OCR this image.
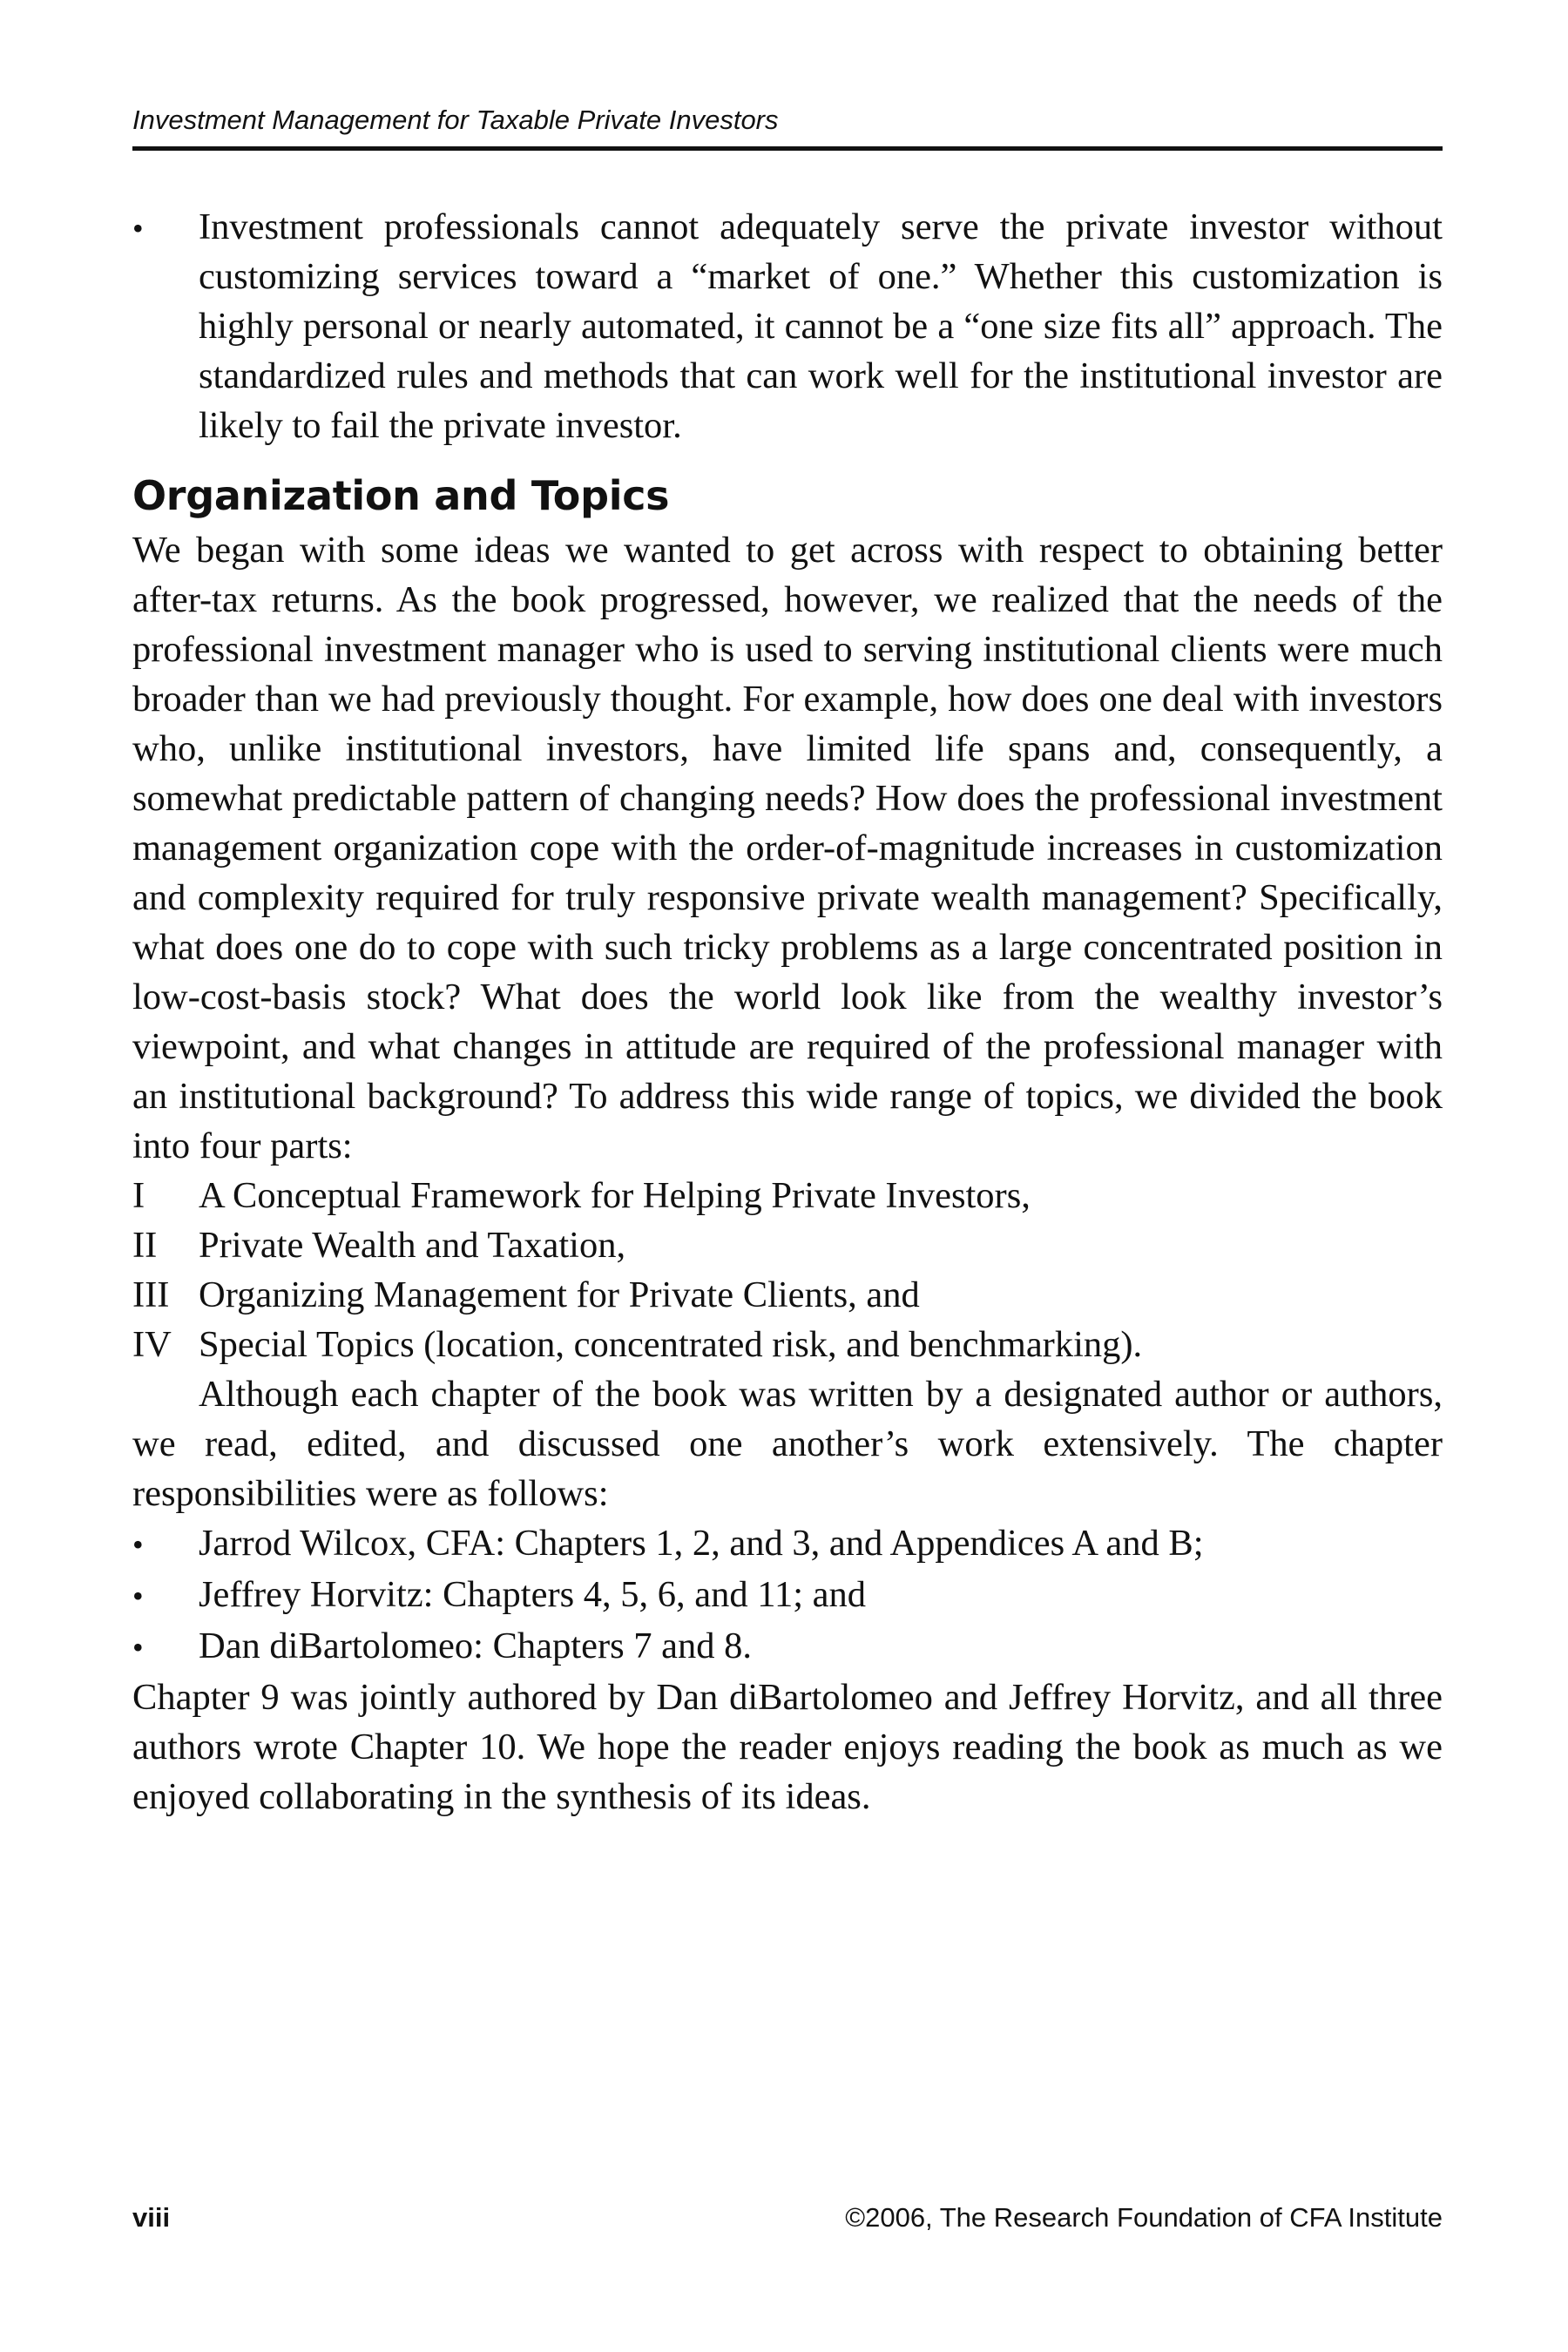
Investment Management for Taxable Private Investors
•
Investment professionals cannot adequately serve the private investor without customizing services toward a “market of one.” Whether this customization is highly personal or nearly automated, it cannot be a “one size fits all” approach. The standardized rules and methods that can work well for the institutional investor are likely to fail the private investor.
Organization and Topics

We began with some ideas we wanted to get across with respect to obtaining better after-tax returns. As the book progressed, however, we realized that the needs of the professional investment manager who is used to serving institutional clients were much broader than we had previously thought. For example, how does one deal with investors who, unlike institutional investors, have limited life spans and, consequently, a somewhat predictable pattern of changing needs? How does the professional investment management organization cope with the order-of-magnitude increases in customization and complexity required for truly responsive private wealth management? Specifically, what does one do to cope with such tricky problems as a large concentrated position in low-cost-basis stock? What does the world look like from the wealthy investor’s viewpoint, and what changes in attitude are required of the professional manager with an institutional background? To address this wide range of topics, we divided the book into four parts:

I	A Conceptual Framework for Helping Private Investors,
II	Private Wealth and Taxation,
III Organizing Management for Private Clients, and
IV Special Topics (location, concentrated risk, and benchmarking).

Although each chapter of the book was written by a designated author or authors, we read, edited, and discussed one another’s work extensively. The chapter responsibilities were as follows:

•
Jarrod Wilcox, CFA: Chapters 1, 2, and 3, and Appendices A and B;
•
Jeffrey Horvitz: Chapters 4, 5, 6, and 11; and
•
Dan diBartolomeo: Chapters 7 and 8.

Chapter 9 was jointly authored by Dan diBartolomeo and Jeffrey Horvitz, and all three authors wrote Chapter 10. We hope the reader enjoys reading the book as much as we enjoyed collaborating in the synthesis of its ideas.

viii	©2006, The Research Foundation of CFA Institute
